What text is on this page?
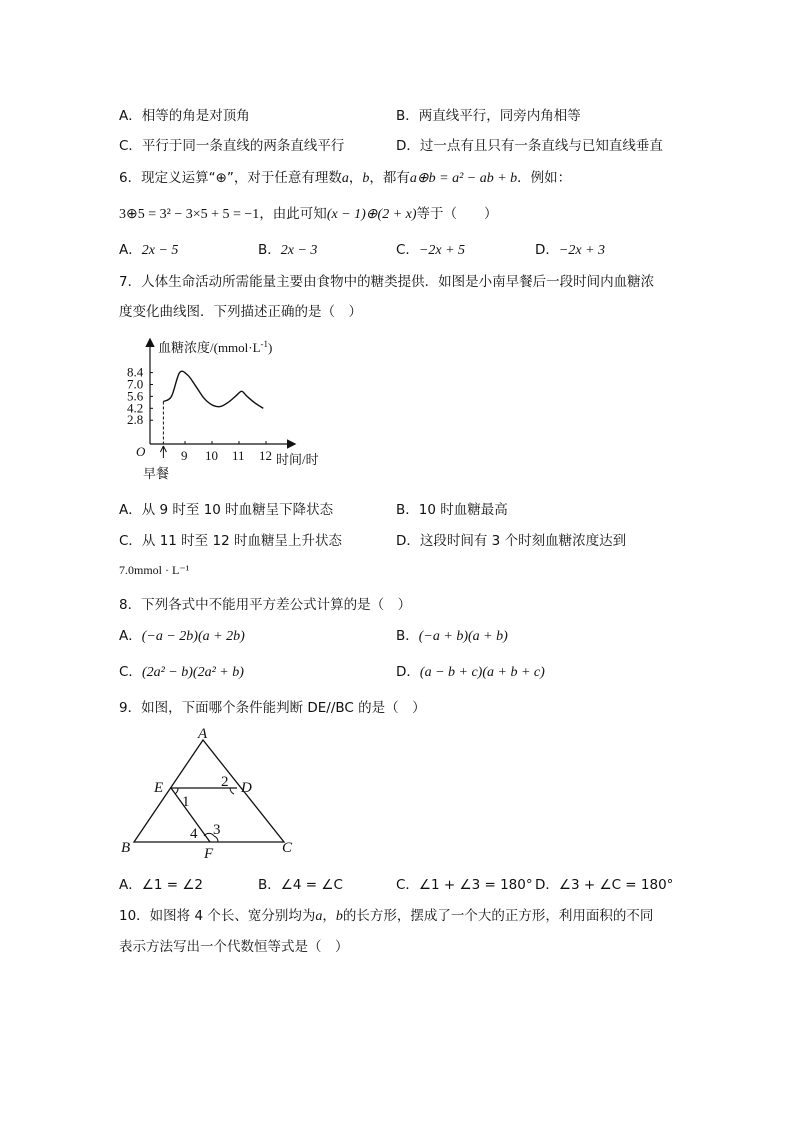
A．相等的角是对顶角	B．两直线平行，同旁内角相等
C．平行于同一条直线的两条直线平行	D．过一点有且只有一条直线与已知直线垂直
6．现定义运算“⊕”，对于任意有理数a，b，都有a⊕b = a² − ab + b．例如：
3⊕5 = 3² − 3×5 + 5 = −1，由此可知(x − 1)⊕(2 + x)等于（　　）
A．2x − 5	B．2x − 3	C．−2x + 5	D．−2x + 3
7．人体生命活动所需能量主要由食物中的糖类提供．如图是小南早餐后一段时间内血糖浓
度变化曲线图．下列描述正确的是（　）
血糖浓度$/(mmol\cdot L^{-1})$
时间/时
O
早餐
8.4
7.0
5.6
4.2
2.8
9 10 11 12
A．从 9 时至 10 时血糖呈下降状态	B．10 时血糖最高
C．从 11 时至 12 时血糖呈上升状态	D．这段时间有 3 个时刻血糖浓度达到
7.0mmol · L⁻¹
8．下列各式中不能用平方差公式计算的是（　）
A．(−a − 2b)(a + 2b)	B．(−a + b)(a + b)
C．(2a² − b)(2a² + b)	D．(a − b + c)(a + b + c)
9．如图，下面哪个条件能判断 DE//BC 的是（　）
A
B	C
D
E
F
1
2
3
4
A．∠1 = ∠2	B．∠4 = ∠C	C．∠1 + ∠3 = 180° D．∠3 + ∠C = 180°
10．如图将 4 个长、宽分别均为a，b的长方形，摆成了一个大的正方形，利用面积的不同
表示方法写出一个代数恒等式是（　）
